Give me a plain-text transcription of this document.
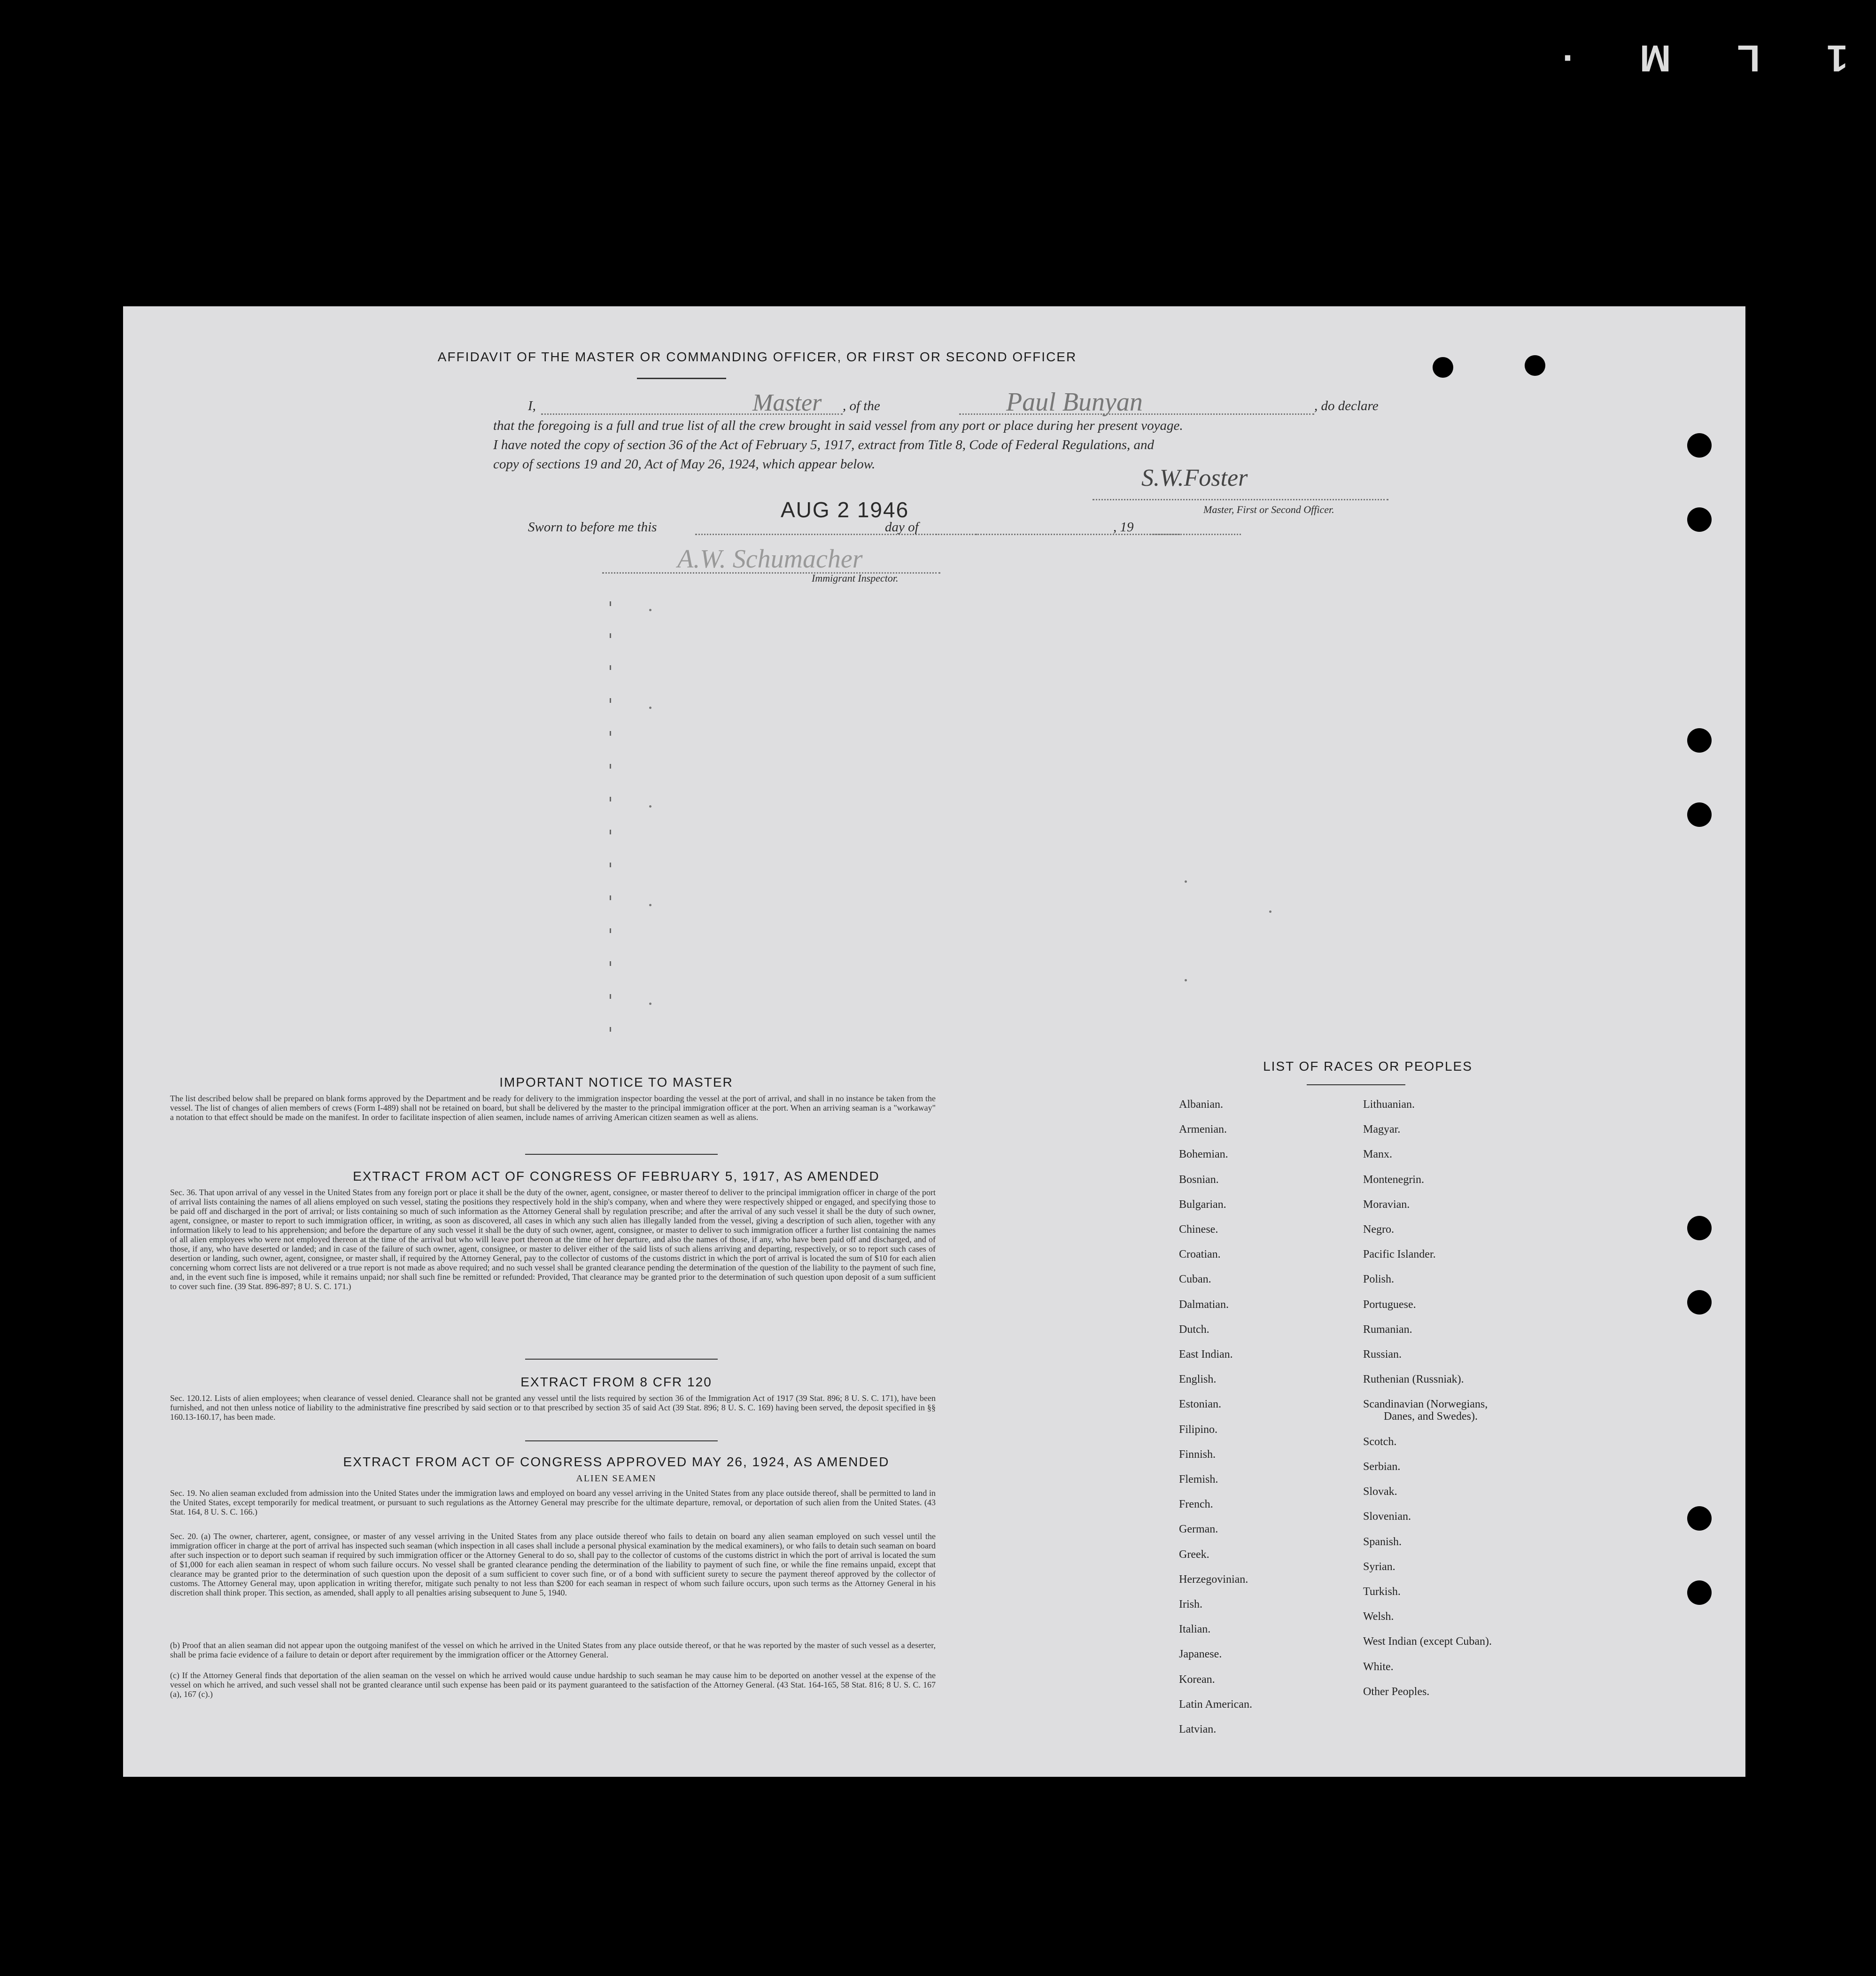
1 L M ·
AFFIDAVIT OF THE MASTER OR COMMANDING OFFICER, OR FIRST OR SECOND OFFICER
I,	Master , of the	Paul Bunyan	, do declare
that the foregoing is a full and true list of all the crew brought in said vessel from any port or place during her present voyage.
I have noted the copy of section 36 of the Act of February 5, 1917, extract from Title 8, Code of Federal Regulations, and
copy of sections 19 and 20, Act of May 26, 1924, which appear below.
S.W.Foster
Master, First or Second Officer.
AUG 2 1946
Sworn to before me this	day of	, 19
A.W. Schumacher
Immigrant Inspector.
IMPORTANT NOTICE TO MASTER
The list described below shall be prepared on blank forms approved by the Department and be ready for delivery to the immigration inspector boarding the vessel at the port of arrival, and shall in no instance be taken from the vessel. The list of changes of alien members of crews (Form I-489) shall not be retained on board, but shall be delivered by the master to the principal immigration officer at the port. When an arriving seaman is a "workaway" a notation to that effect should be made on the manifest. In order to facilitate inspection of alien seamen, include names of arriving American citizen seamen as well as aliens.
EXTRACT FROM ACT OF CONGRESS OF FEBRUARY 5, 1917, AS AMENDED
Sec. 36. That upon arrival of any vessel in the United States from any foreign port or place it shall be the duty of the owner, agent, consignee, or master thereof to deliver to the principal immigration officer in charge of the port of arrival lists containing the names of all aliens employed on such vessel, stating the positions they respectively hold in the ship's company, when and where they were respectively shipped or engaged, and specifying those to be paid off and discharged in the port of arrival; or lists containing so much of such information as the Attorney General shall by regulation prescribe; and after the arrival of any such vessel it shall be the duty of such owner, agent, consignee, or master to report to such immigration officer, in writing, as soon as discovered, all cases in which any such alien has illegally landed from the vessel, giving a description of such alien, together with any information likely to lead to his apprehension; and before the departure of any such vessel it shall be the duty of such owner, agent, consignee, or master to deliver to such immigration officer a further list containing the names of all alien employees who were not employed thereon at the time of the arrival but who will leave port thereon at the time of her departure, and also the names of those, if any, who have been paid off and discharged, and of those, if any, who have deserted or landed; and in case of the failure of such owner, agent, consignee, or master to deliver either of the said lists of such aliens arriving and departing, respectively, or so to report such cases of desertion or landing, such owner, agent, consignee, or master shall, if required by the Attorney General, pay to the collector of customs of the customs district in which the port of arrival is located the sum of $10 for each alien concerning whom correct lists are not delivered or a true report is not made as above required; and no such vessel shall be granted clearance pending the determination of the question of the liability to the payment of such fine, and, in the event such fine is imposed, while it remains unpaid; nor shall such fine be remitted or refunded: Provided, That clearance may be granted prior to the determination of such question upon deposit of a sum sufficient to cover such fine. (39 Stat. 896-897; 8 U. S. C. 171.)
EXTRACT FROM 8 CFR 120
Sec. 120.12. Lists of alien employees; when clearance of vessel denied. Clearance shall not be granted any vessel until the lists required by section 36 of the Immigration Act of 1917 (39 Stat. 896; 8 U. S. C. 171), have been furnished, and not then unless notice of liability to the administrative fine prescribed by said section or to that prescribed by section 35 of said Act (39 Stat. 896; 8 U. S. C. 169) having been served, the deposit specified in §§ 160.13-160.17, has been made.
EXTRACT FROM ACT OF CONGRESS APPROVED MAY 26, 1924, AS AMENDED
ALIEN SEAMEN
Sec. 19. No alien seaman excluded from admission into the United States under the immigration laws and employed on board any vessel arriving in the United States from any place outside thereof, shall be permitted to land in the United States, except temporarily for medical treatment, or pursuant to such regulations as the Attorney General may prescribe for the ultimate departure, removal, or deportation of such alien from the United States. (43 Stat. 164, 8 U. S. C. 166.)
Sec. 20. (a) The owner, charterer, agent, consignee, or master of any vessel arriving in the United States from any place outside thereof who fails to detain on board any alien seaman employed on such vessel until the immigration officer in charge at the port of arrival has inspected such seaman (which inspection in all cases shall include a personal physical examination by the medical examiners), or who fails to detain such seaman on board after such inspection or to deport such seaman if required by such immigration officer or the Attorney General to do so, shall pay to the collector of customs of the customs district in which the port of arrival is located the sum of $1,000 for each alien seaman in respect of whom such failure occurs. No vessel shall be granted clearance pending the determination of the liability to payment of such fine, or while the fine remains unpaid, except that clearance may be granted prior to the determination of such question upon the deposit of a sum sufficient to cover such fine, or of a bond with sufficient surety to secure the payment thereof approved by the collector of customs. The Attorney General may, upon application in writing therefor, mitigate such penalty to not less than $200 for each seaman in respect of whom such failure occurs, upon such terms as the Attorney General in his discretion shall think proper. This section, as amended, shall apply to all penalties arising subsequent to June 5, 1940.
(b) Proof that an alien seaman did not appear upon the outgoing manifest of the vessel on which he arrived in the United States from any place outside thereof, or that he was reported by the master of such vessel as a deserter, shall be prima facie evidence of a failure to detain or deport after requirement by the immigration officer or the Attorney General.
(c) If the Attorney General finds that deportation of the alien seaman on the vessel on which he arrived would cause undue hardship to such seaman he may cause him to be deported on another vessel at the expense of the vessel on which he arrived, and such vessel shall not be granted clearance until such expense has been paid or its payment guaranteed to the satisfaction of the Attorney General. (43 Stat. 164-165, 58 Stat. 816; 8 U. S. C. 167 (a), 167 (c).)
LIST OF RACES OR PEOPLES
Albanian.
Armenian.
Bohemian.
Bosnian.
Bulgarian.
Chinese.
Croatian.
Cuban.
Dalmatian.
Dutch.
East Indian.
English.
Estonian.
Filipino.
Finnish.
Flemish.
French.
German.
Greek.
Herzegovinian.
Irish.
Italian.
Japanese.
Korean.
Latin American.
Latvian.
Lithuanian.
Magyar.
Manx.
Montenegrin.
Moravian.
Negro.
Pacific Islander.
Polish.
Portuguese.
Rumanian.
Russian.
Ruthenian (Russniak).
Scandinavian (Norwegians,
Danes, and Swedes).
Scotch.
Serbian.
Slovak.
Slovenian.
Spanish.
Syrian.
Turkish.
Welsh.
West Indian (except Cuban).
White.
Other Peoples.
